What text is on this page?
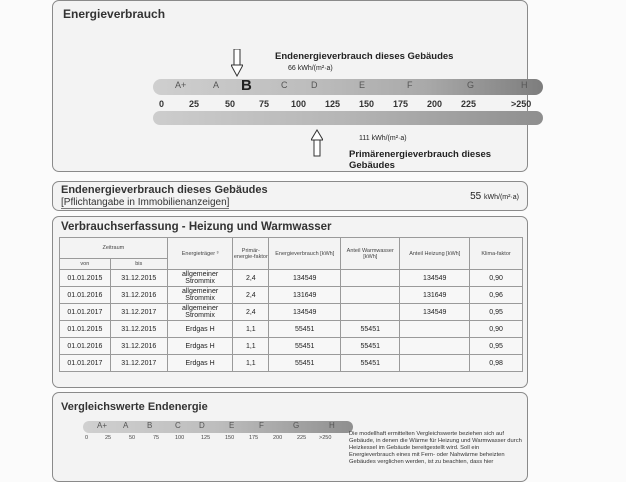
Energieverbrauch
Endenergieverbrauch dieses Gebäudes
66 kWh/(m²·a)
A+	A B	C	D	E	F	G	H
0	25	50	75 100 125 150 175 200 225	>250
111 kWh/(m²·a)
Primärenergieverbrauch dieses Gebäudes
Endenergieverbrauch dieses Gebäudes
[Pflichtangabe in Immobilienanzeigen]
55 kWh/(m²·a)
Verbrauchserfassung - Heizung und Warmwasser
Zeitraum		Energieträger ³	Primär-energie-faktor	Energieverbrauch [kWh]	Anteil Warmwasser [kWh]	Anteil Heizung [kWh]	Klima-faktor
von	bis						
01.01.2015	31.12.2015	allgemeiner Strommix	2,4	134549		134549	0,90
01.01.2016	31.12.2016	allgemeiner Strommix	2,4	131649		131649	0,96
01.01.2017	31.12.2017	allgemeiner Strommix	2,4	134549		134549	0,95
01.01.2015	31.12.2015	Erdgas H	1,1	55451	55451		0,90
01.01.2016	31.12.2016	Erdgas H	1,1	55451	55451		0,95
01.01.2017	31.12.2017	Erdgas H	1,1	55451	55451		0,98
Vergleichswerte Endenergie
A+ A B	C D	E	F	G	H
0	25	50	75	100	125	150	175	200	225 >250
Die modellhaft ermittelten Vergleichswerte beziehen sich auf Gebäude, in denen die Wärme für Heizung und Warmwasser durch Heizkessel im Gebäude bereitgestellt wird. Soll ein Energieverbrauch eines mit Fern- oder Nahwärme beheizten Gebäudes verglichen werden, ist zu beachten, dass hier
